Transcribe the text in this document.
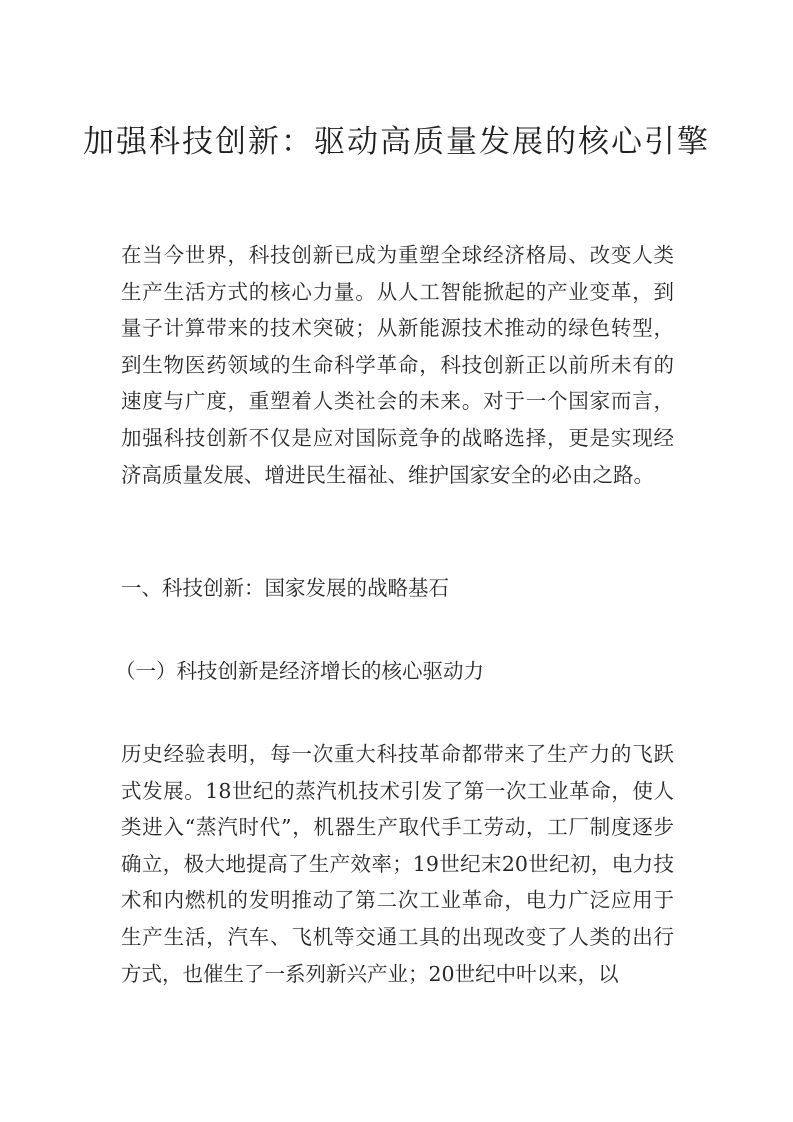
加强科技创新：驱动高质量发展的核心引擎

在当今世界，科技创新已成为重塑全球经济格局、改变人类生产生活方式的核心力量。从人工智能掀起的产业变革，到量子计算带来的技术突破；从新能源技术推动的绿色转型，到生物医药领域的生命科学革命，科技创新正以前所未有的速度与广度，重塑着人类社会的未来。对于一个国家而言，加强科技创新不仅是应对国际竞争的战略选择，更是实现经济高质量发展、增进民生福祉、维护国家安全的必由之路。

一、科技创新：国家发展的战略基石

（一）科技创新是经济增长的核心驱动力

历史经验表明，每一次重大科技革命都带来了生产力的飞跃式发展。18世纪的蒸汽机技术引发了第一次工业革命，使人类进入“蒸汽时代”，机器生产取代手工劳动，工厂制度逐步确立，极大地提高了生产效率；19世纪末20世纪初，电力技术和内燃机的发明推动了第二次工业革命，电力广泛应用于生产生活，汽车、飞机等交通工具的出现改变了人类的出行方式，也催生了一系列新兴产业；20世纪中叶以来，以
